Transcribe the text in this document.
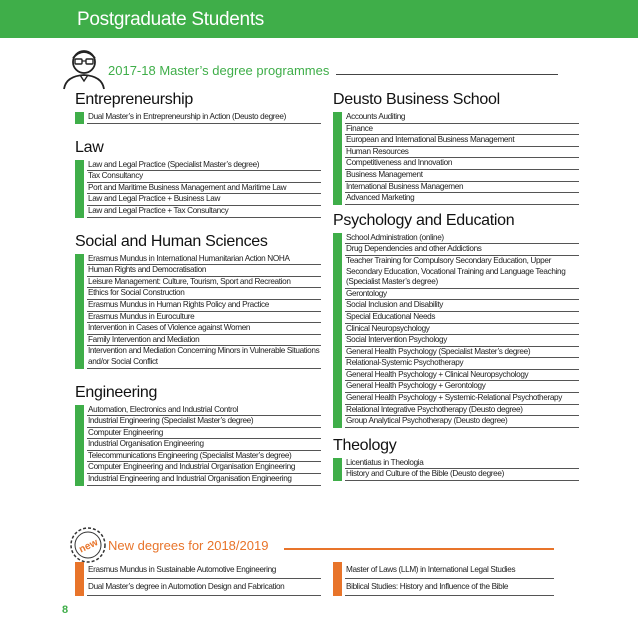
Postgraduate Students
2017-18 Master’s degree programmes
Entrepreneurship
Dual Master’s in Entrepreneurship in Action (Deusto degree)
Law
Law and Legal Practice (Specialist Master’s degree)
Tax Consultancy
Port and Maritime Business Management and Maritime Law
Law and Legal Practice + Business Law
Law and Legal Practice + Tax Consultancy
Social and Human Sciences
Erasmus Mundus in International Humanitarian Action NOHA
Human Rights and Democratisation
Leisure Management: Culture, Tourism, Sport and Recreation
Ethics for Social Construction
Erasmus Mundus in Human Rights Policy and Practice
Erasmus Mundus in Euroculture
Intervention in Cases of Violence against Women
Family Intervention and Mediation
Intervention and Mediation Concerning Minors in Vulnerable Situations and/or Social Conflict
Engineering
Automation, Electronics and Industrial Control
Industrial Engineering (Specialist Master’s degree)
Computer Engineering
Industrial Organisation Engineering
Telecommunications Engineering (Specialist Master’s degree)
Computer Engineering and Industrial Organisation Engineering
Industrial Engineering and Industrial Organisation Engineering
Deusto Business School
Accounts Auditing
Finance
European and International Business Management
Human Resources
Competitiveness and Innovation
Business Management
International Business Managemen
Advanced Marketing
Psychology and Education
School Administration (online)
Drug Dependencies and other Addictions
Teacher Training for Compulsory Secondary Education, Upper Secondary Education, Vocational Training and Language Teaching (Specialist Master’s degree)
Gerontology
Social Inclusion and Disability
Special Educational Needs
Clinical Neuropsychology
Social Intervention Psychology
General Health Psychology (Specialist Master’s degree)
Relational-Systemic Psychotherapy
General Health Psychology + Clinical Neuropsychology
General Health Psychology + Gerontology
General Health Psychology + Systemic-Relational Psychotherapy
Relational Integrative Psychotherapy (Deusto degree)
Group Analytical Psychotherapy (Deusto degree)
Theology
Licentiatus in Theologia
History and Culture of the Bible (Deusto degree)
new New degrees for 2018/2019
Erasmus Mundus in Sustainable Automotive Engineering
Dual Master’s degree in Automotion Design and Fabrication
Master of Laws (LLM) in International Legal Studies
Biblical Studies: History and Influence of the Bible
8
